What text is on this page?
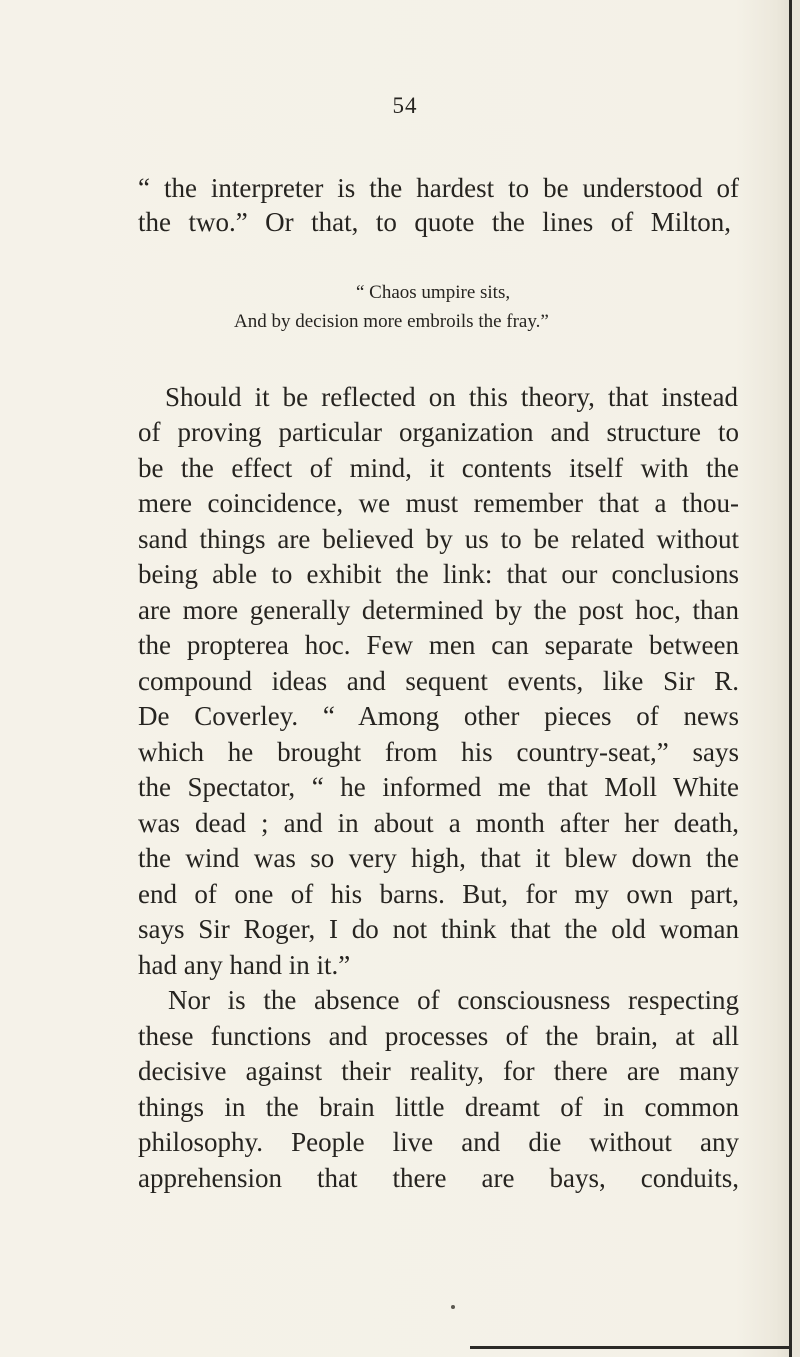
54
“ the interpreter is the hardest to be understood of
the two.” Or that, to quote the lines of Milton,
“ Chaos umpire sits,
And by decision more embroils the fray.”
Should it be reflected on this theory, that instead
of proving particular organization and structure to
be the effect of mind, it contents itself with the
mere coincidence, we must remember that a thou-
sand things are believed by us to be related without
being able to exhibit the link: that our conclusions
are more generally determined by the post hoc, than
the propterea hoc. Few men can separate between
compound ideas and sequent events, like Sir R.
De Coverley. “ Among other pieces of news
which he brought from his country-seat,” says
the Spectator, “ he informed me that Moll White
was dead ; and in about a month after her death,
the wind was so very high, that it blew down the
end of one of his barns. But, for my own part,
says Sir Roger, I do not think that the old woman
had any hand in it.”
Nor is the absence of consciousness respecting
these functions and processes of the brain, at all
decisive against their reality, for there are many
things in the brain little dreamt of in common
philosophy. People live and die without any
apprehension that there are bays, conduits,
